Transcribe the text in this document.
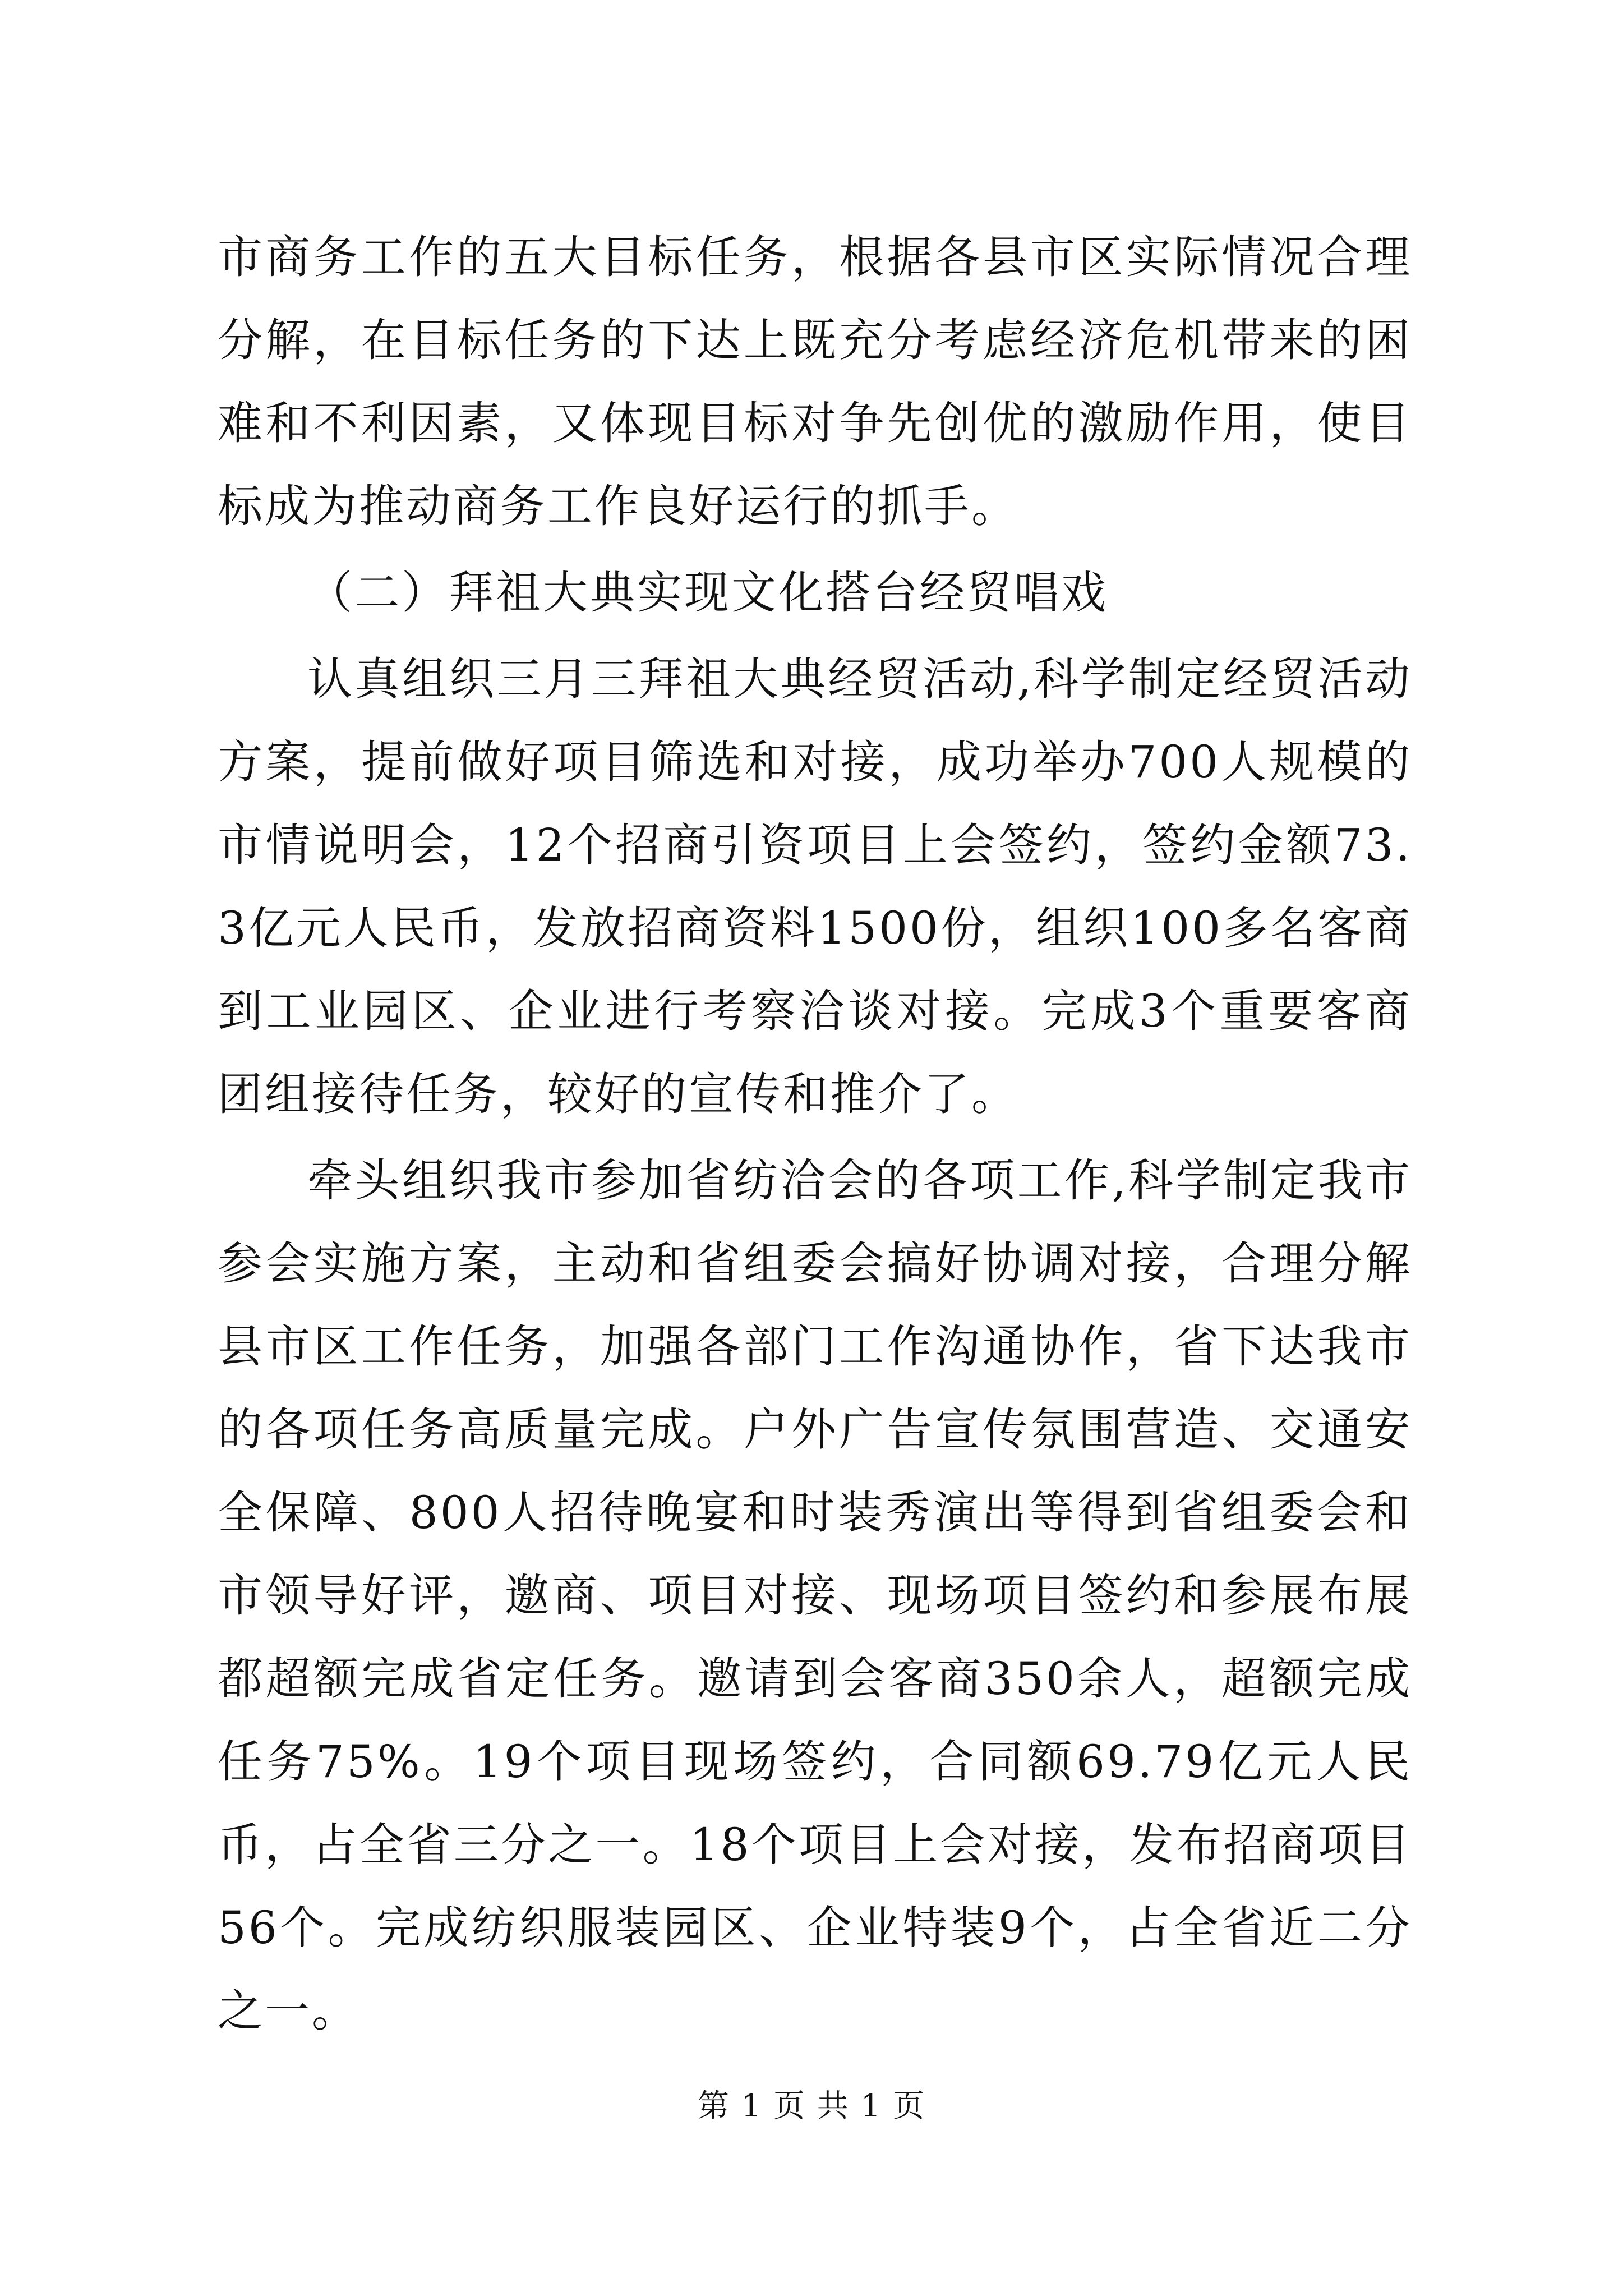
市商务工作的五大目标任务，根据各县市区实际情况合理分解，在目标任务的下达上既充分考虑经济危机带来的困难和不利因素，又体现目标对争先创优的激励作用，使目标成为推动商务工作良好运行的抓手。

（二）拜祖大典实现文化搭台经贸唱戏

认真组织三月三拜祖大典经贸活动,科学制定经贸活动方案，提前做好项目筛选和对接，成功举办700人规模的市情说明会，12个招商引资项目上会签约，签约金额73.3亿元人民币，发放招商资料1500份，组织100多名客商到工业园区、企业进行考察洽谈对接。完成3个重要客商团组接待任务，较好的宣传和推介了。

牵头组织我市参加省纺洽会的各项工作,科学制定我市参会实施方案，主动和省组委会搞好协调对接，合理分解县市区工作任务，加强各部门工作沟通协作，省下达我市的各项任务高质量完成。户外广告宣传氛围营造、交通安全保障、800人招待晚宴和时装秀演出等得到省组委会和市领导好评，邀商、项目对接、现场项目签约和参展布展都超额完成省定任务。邀请到会客商350余人，超额完成任务75%。19个项目现场签约，合同额69.79亿元人民币，占全省三分之一。18个项目上会对接，发布招商项目56个。完成纺织服装园区、企业特装9个，占全省近二分之一。

第 1 页 共 1 页
